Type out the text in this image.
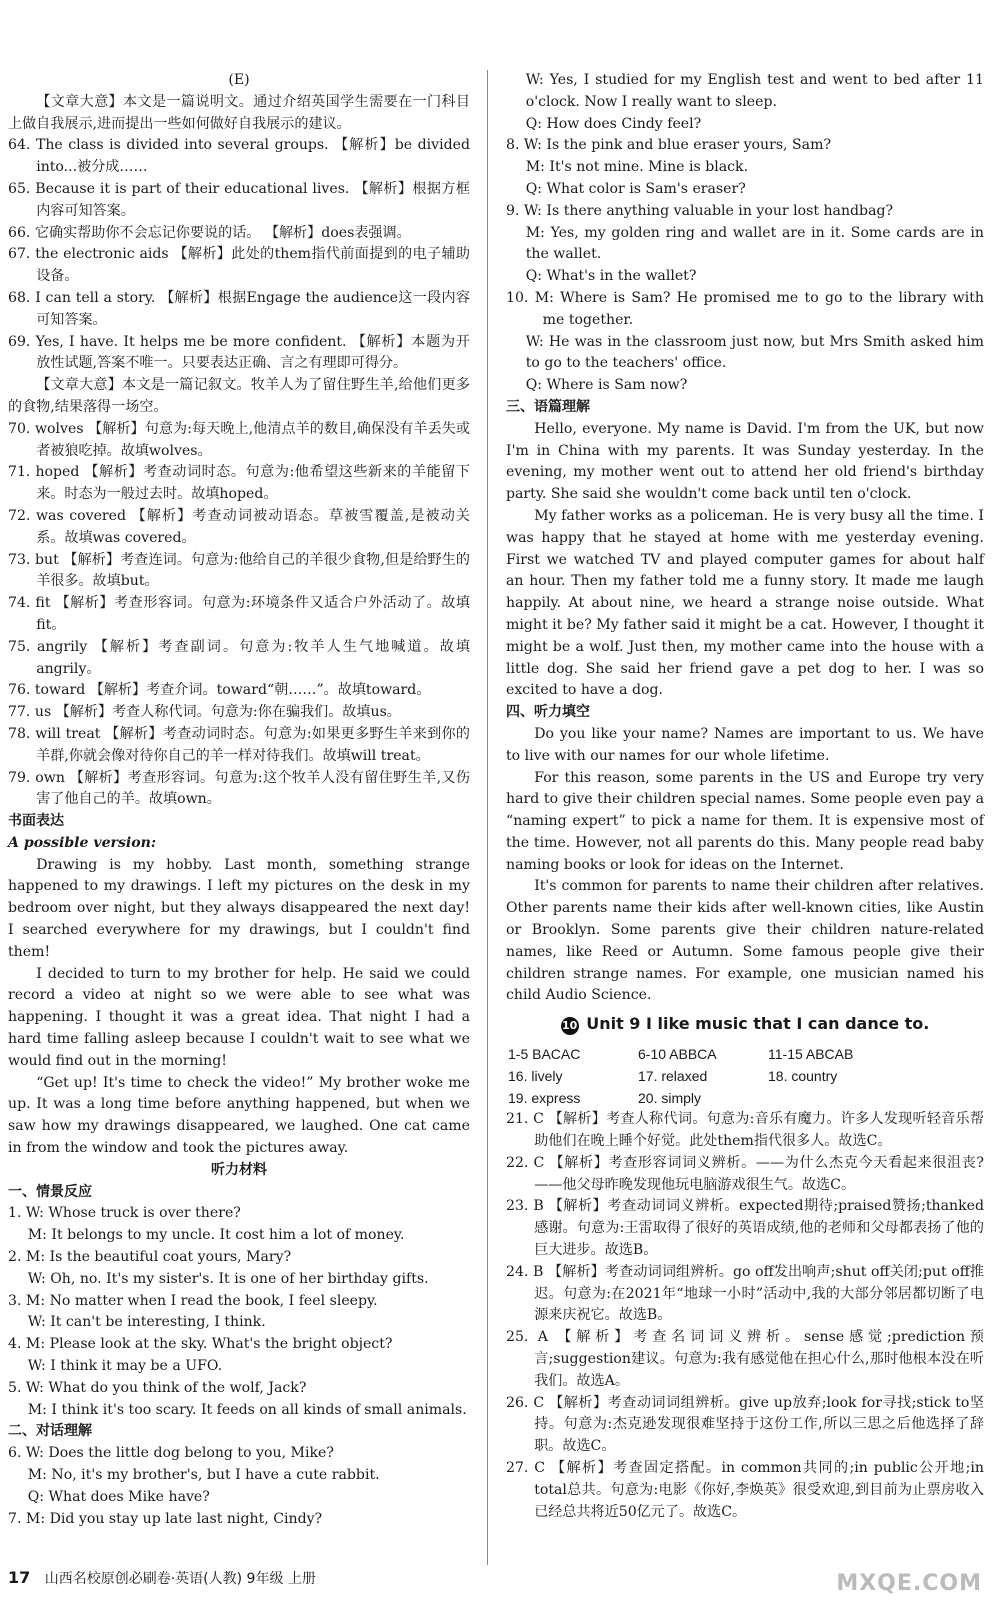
(E)

【文章大意】本文是一篇说明文。通过介绍英国学生需要在一门科目上做自我展示,进而提出一些如何做好自我展示的建议。

64. The class is divided into several groups. 【解析】be divided into...被分成……

65. Because it is part of their educational lives. 【解析】根据方框内容可知答案。

66. 它确实帮助你不会忘记你要说的话。 【解析】does表强调。

67. the electronic aids 【解析】此处的them指代前面提到的电子辅助设备。

68. I can tell a story. 【解析】根据Engage the audience这一段内容可知答案。

69. Yes, I have. It helps me be more confident. 【解析】本题为开放性试题,答案不唯一。只要表达正确、言之有理即可得分。

【文章大意】本文是一篇记叙文。牧羊人为了留住野生羊,给他们更多的食物,结果落得一场空。

70. wolves 【解析】句意为:每天晚上,他清点羊的数目,确保没有羊丢失或者被狼吃掉。故填wolves。

71. hoped 【解析】考查动词时态。句意为:他希望这些新来的羊能留下来。时态为一般过去时。故填hoped。

72. was covered 【解析】考查动词被动语态。草被雪覆盖,是被动关系。故填was covered。

73. but 【解析】考查连词。句意为:他给自己的羊很少食物,但是给野生的羊很多。故填but。

74. fit 【解析】考查形容词。句意为:环境条件又适合户外活动了。故填fit。

75. angrily 【解析】考查副词。句意为:牧羊人生气地喊道。故填angrily。

76. toward 【解析】考查介词。toward“朝……”。故填toward。

77. us 【解析】考查人称代词。句意为:你在骗我们。故填us。

78. will treat 【解析】考查动词时态。句意为:如果更多野生羊来到你的羊群,你就会像对待你自己的羊一样对待我们。故填will treat。

79. own 【解析】考查形容词。句意为:这个牧羊人没有留住野生羊,又伤害了他自己的羊。故填own。

书面表达

A possible version:

Drawing is my hobby. Last month, something strange happened to my drawings. I left my pictures on the desk in my bedroom over night, but they always disappeared the next day! I searched everywhere for my drawings, but I couldn't find them!

I decided to turn to my brother for help. He said we could record a video at night so we were able to see what was happening. I thought it was a great idea. That night I had a hard time falling asleep because I couldn't wait to see what we would find out in the morning!

“Get up! It's time to check the video!” My brother woke me up. It was a long time before anything happened, but when we saw how my drawings disappeared, we laughed. One cat came in from the window and took the pictures away.

听力材料

一、情景反应

1. W: Whose truck is over there?

M: It belongs to my uncle. It cost him a lot of money.

2. M: Is the beautiful coat yours, Mary?

W: Oh, no. It's my sister's. It is one of her birthday gifts.

3. M: No matter when I read the book, I feel sleepy.

W: It can't be interesting, I think.

4. M: Please look at the sky. What's the bright object?

W: I think it may be a UFO.

5. W: What do you think of the wolf, Jack?

M: I think it's too scary. It feeds on all kinds of small animals.

二、对话理解

6. W: Does the little dog belong to you, Mike?

M: No, it's my brother's, but I have a cute rabbit.

Q: What does Mike have?

7. M: Did you stay up late last night, Cindy?

W: Yes, I studied for my English test and went to bed after 11 o'clock. Now I really want to sleep.

Q: How does Cindy feel?

8. W: Is the pink and blue eraser yours, Sam?

M: It's not mine. Mine is black.

Q: What color is Sam's eraser?

9. W: Is there anything valuable in your lost handbag?

M: Yes, my golden ring and wallet are in it. Some cards are in the wallet.

Q: What's in the wallet?

10. M: Where is Sam? He promised me to go to the library with me together.

W: He was in the classroom just now, but Mrs Smith asked him to go to the teachers' office.

Q: Where is Sam now?

三、语篇理解

Hello, everyone. My name is David. I'm from the UK, but now I'm in China with my parents. It was Sunday yesterday. In the evening, my mother went out to attend her old friend's birthday party. She said she wouldn't come back until ten o'clock.

My father works as a policeman. He is very busy all the time. I was happy that he stayed at home with me yesterday evening. First we watched TV and played computer games for about half an hour. Then my father told me a funny story. It made me laugh happily. At about nine, we heard a strange noise outside. What might it be? My father said it might be a cat. However, I thought it might be a wolf. Just then, my mother came into the house with a little dog. She said her friend gave a pet dog to her. I was so excited to have a dog.

四、听力填空

Do you like your name? Names are important to us. We have to live with our names for our whole lifetime.

For this reason, some parents in the US and Europe try very hard to give their children special names. Some people even pay a “naming expert” to pick a name for them. It is expensive most of the time. However, not all parents do this. Many people read baby naming books or look for ideas on the Internet.

It's common for parents to name their children after relatives. Other parents name their kids after well-known cities, like Austin or Brooklyn. Some parents give their children nature-related names, like Reed or Autumn. Some famous people give their children strange names. For example, one musician named his child Audio Science.

10 Unit 9 I like music that I can dance to.
1-5 BACAC	6-10 ABBCA	11-15 ABCAB
16. lively	17. relaxed	18. country
19. express	20. simply

21. C 【解析】考查人称代词。句意为:音乐有魔力。许多人发现听轻音乐帮助他们在晚上睡个好觉。此处them指代很多人。故选C。

22. C 【解析】考查形容词词义辨析。——为什么杰克今天看起来很沮丧?——他父母昨晚发现他玩电脑游戏很生气。故选C。

23. B 【解析】考查动词词义辨析。expected期待;praised赞扬;thanked感谢。句意为:王雷取得了很好的英语成绩,他的老师和父母都表扬了他的巨大进步。故选B。

24. B 【解析】考查动词词组辨析。go off发出响声;shut off关闭;put off推迟。句意为:在2021年“地球一小时”活动中,我的大部分邻居都切断了电源来庆祝它。故选B。

25. A 【解析】考查名词词义辨析。sense感觉;prediction预言;suggestion建议。句意为:我有感觉他在担心什么,那时他根本没在听我们。故选A。

26. C 【解析】考查动词词组辨析。give up放弃;look for寻找;stick to坚持。句意为:杰克逊发现很难坚持于这份工作,所以三思之后他选择了辞职。故选C。

27. C 【解析】考查固定搭配。in common共同的;in public公开地;in total总共。句意为:电影《你好,李焕英》很受欢迎,到目前为止票房收入已经总共将近50亿元了。故选C。

17 山西名校原创必刷卷·英语(人教) 9年级 上册	MXQE.COM
